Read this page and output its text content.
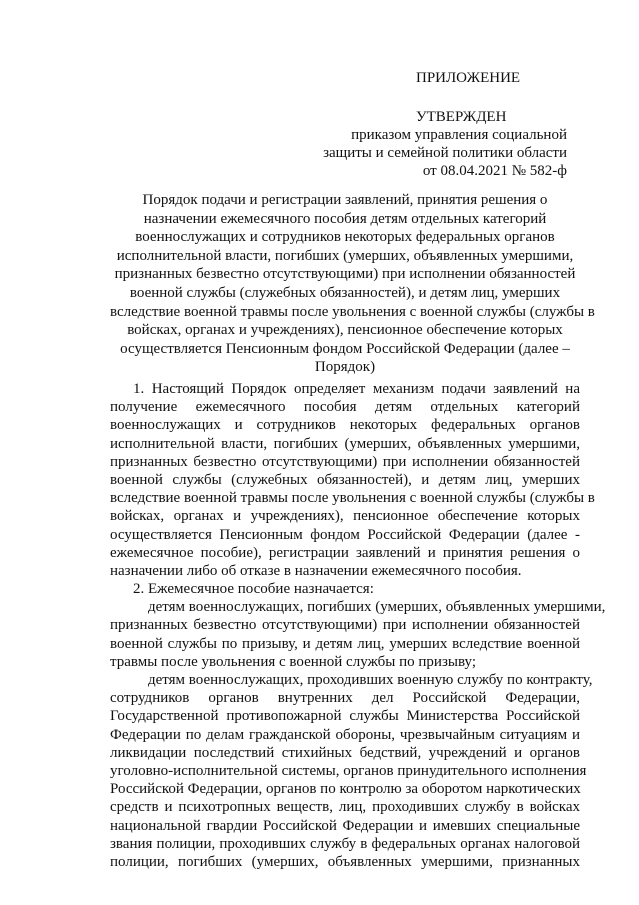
ПРИЛОЖЕНИЕ
УТВЕРЖДЕН
приказом управления социальной
защиты и семейной политики области
от 08.04.2021 № 582-ф
Порядок подачи и регистрации заявлений, принятия решения о
назначении ежемесячного пособия детям отдельных категорий
военнослужащих и сотрудников некоторых федеральных органов
исполнительной власти, погибших (умерших, объявленных умершими,
признанных безвестно отсутствующими) при исполнении обязанностей
военной службы (служебных обязанностей), и детям лиц, умерших
вследствие военной травмы после увольнения с военной службы (службы в
войсках, органах и учреждениях), пенсионное обеспечение которых
осуществляется Пенсионным фондом Российской Федерации (далее –
Порядок)
1. Настоящий Порядок определяет механизм подачи заявлений на
получение ежемесячного пособия детям отдельных категорий
военнослужащих и сотрудников некоторых федеральных органов
исполнительной власти, погибших (умерших, объявленных умершими,
признанных безвестно отсутствующими) при исполнении обязанностей
военной службы (служебных обязанностей), и детям лиц, умерших
вследствие военной травмы после увольнения с военной службы (службы в
войсках, органах и учреждениях), пенсионное обеспечение которых
осуществляется Пенсионным фондом Российской Федерации (далее -
ежемесячное пособие), регистрации заявлений и принятия решения о
назначении либо об отказе в назначении ежемесячного пособия.
2. Ежемесячное пособие назначается:
детям военнослужащих, погибших (умерших, объявленных умершими,
признанных безвестно отсутствующими) при исполнении обязанностей
военной службы по призыву, и детям лиц, умерших вследствие военной
травмы после увольнения с военной службы по призыву;
детям военнослужащих, проходивших военную службу по контракту,
сотрудников органов внутренних дел Российской Федерации,
Государственной противопожарной службы Министерства Российской
Федерации по делам гражданской обороны, чрезвычайным ситуациям и
ликвидации последствий стихийных бедствий, учреждений и органов
уголовно-исполнительной системы, органов принудительного исполнения
Российской Федерации, органов по контролю за оборотом наркотических
средств и психотропных веществ, лиц, проходивших службу в войсках
национальной гвардии Российской Федерации и имевших специальные
звания полиции, проходивших службу в федеральных органах налоговой
полиции, погибших (умерших, объявленных умершими, признанных
